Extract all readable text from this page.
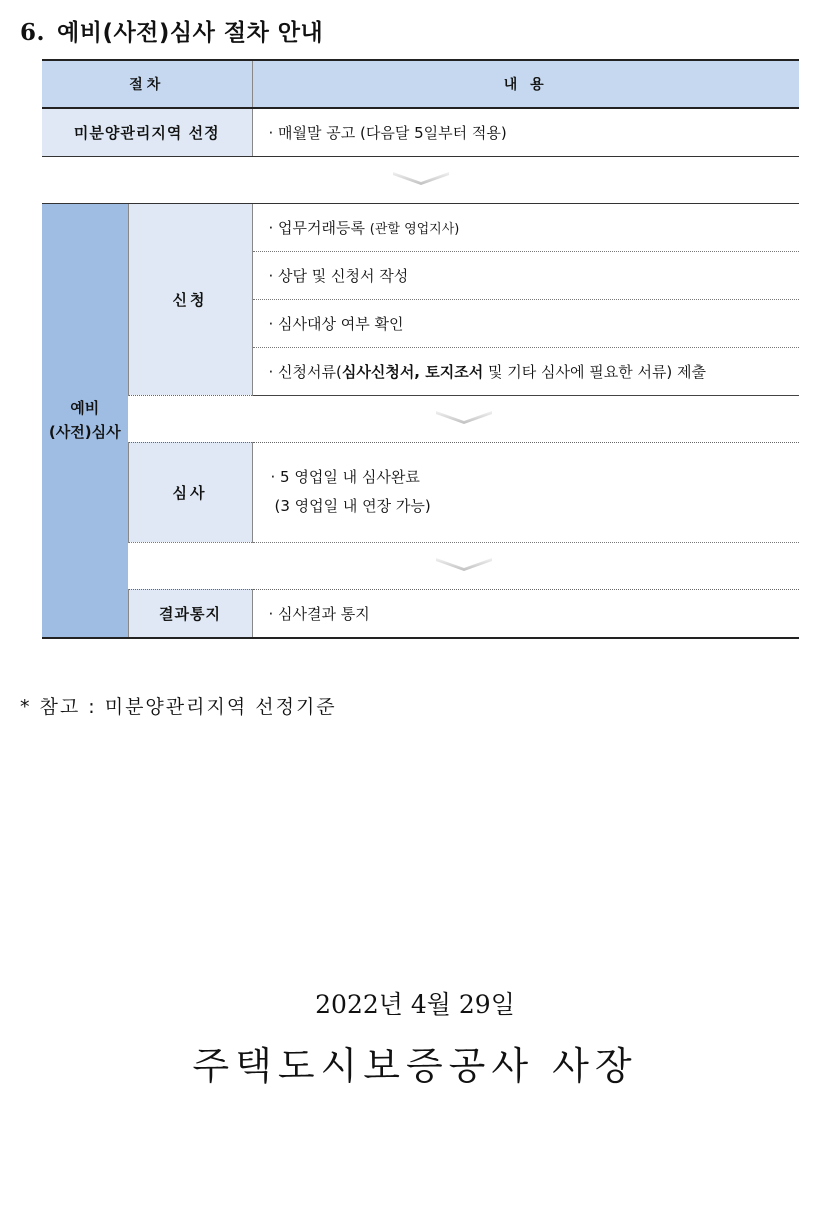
6. 예비(사전)심사 절차 안내
절차		내 용
미분양관리지역 선정		· 매월말 공고 (다음달 5일부터 적용)

예비
(사전)심사	신청	· 업무거래등록 (관할 영업지사)
		· 상담 및 신청서 작성
		· 심사대상 여부 확인
		· 신청서류(심사신청서, 토지조서 및 기타 심사에 필요한 서류) 제출

	심사	· 5 영업일 내 심사완료
(3 영업일 내 연장 가능)

	결과통지	· 심사결과 통지
* 참고 : 미분양관리지역 선정기준
2022년 4월 29일
주택도시보증공사 사장
